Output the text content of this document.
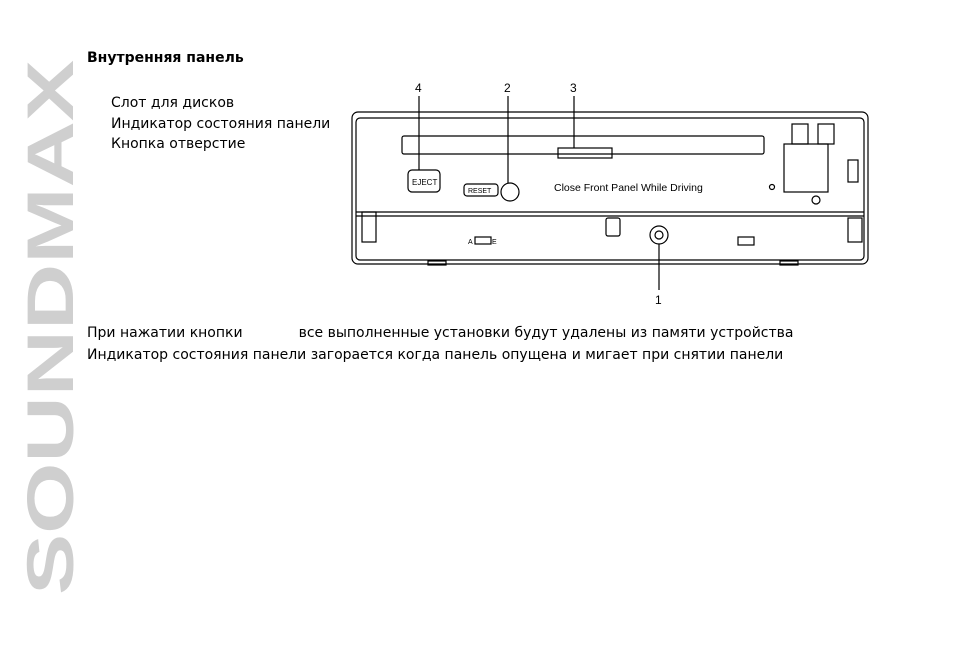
SOUNDMAX
Внутренняя панель
Слот для дисков
Индикатор состояния панели
Кнопка отверстие
4	2	3
1
EJECT
RESET	Close Front Panel While Driving
A	E
При нажатии кнопки	все выполненные установки будут удалены из памяти устройства
Индикатор состояния панели загорается когда панель опущена и мигает при снятии панели
